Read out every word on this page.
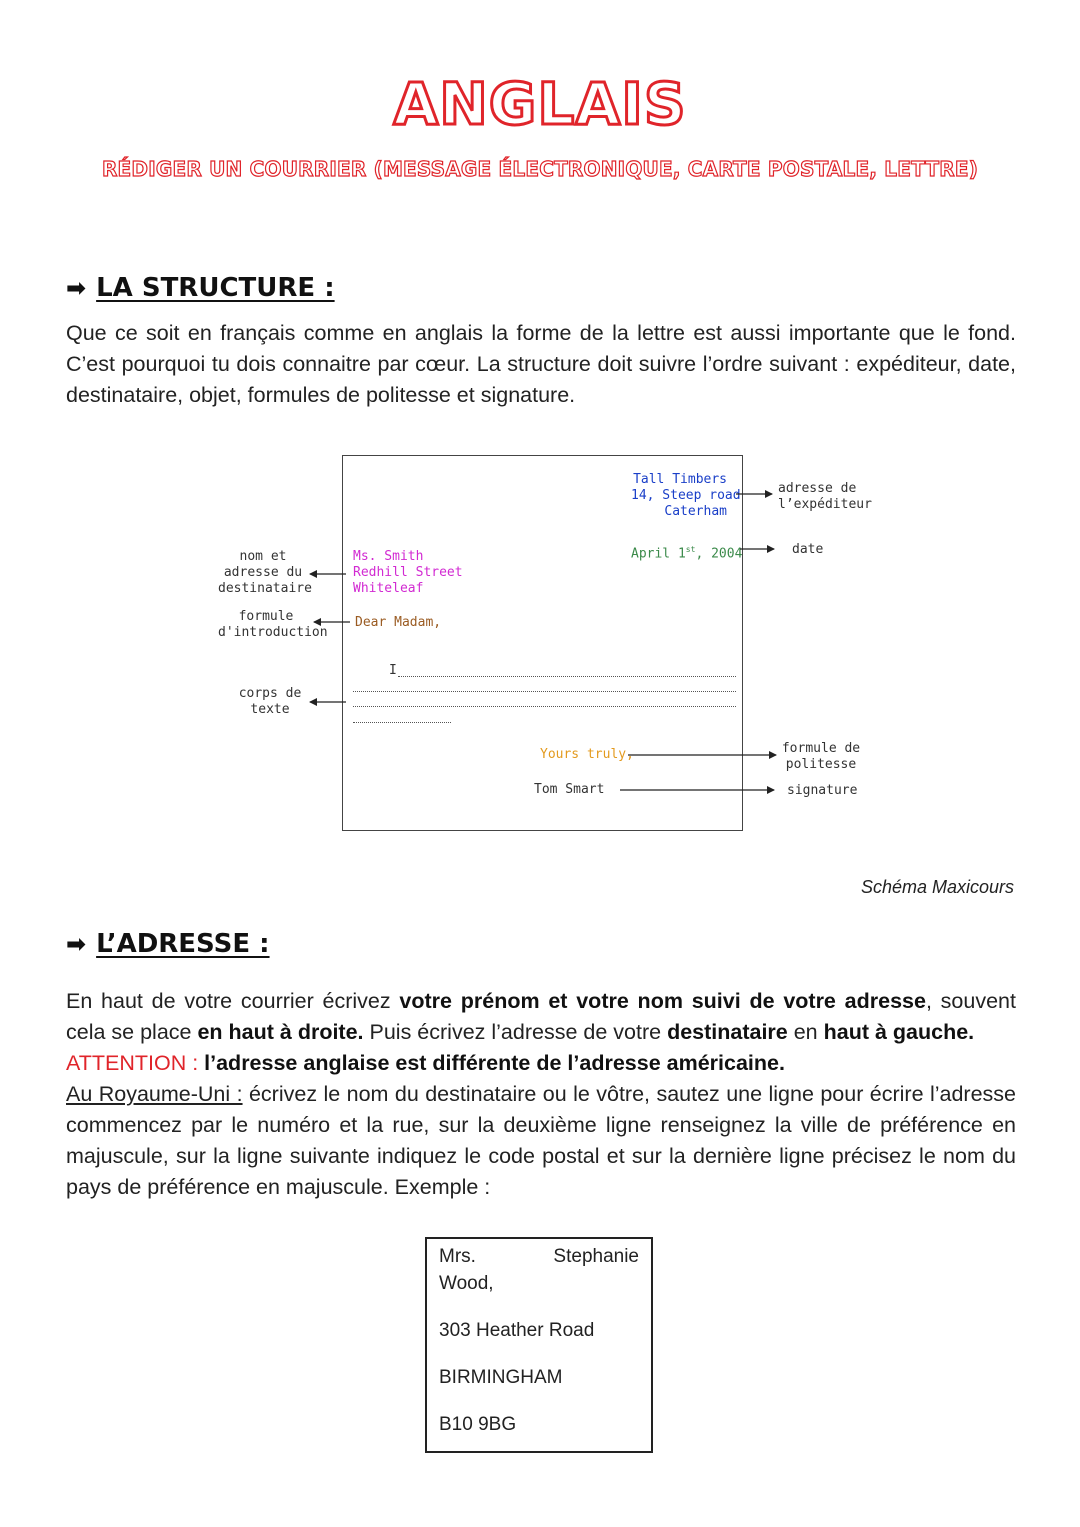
ANGLAIS
RÉDIGER UN COURRIER (MESSAGE ÉLECTRONIQUE, CARTE POSTALE, LETTRE)
➡ LA STRUCTURE :
Que ce soit en français comme en anglais la forme de la lettre est aussi importante que le fond. C’est pourquoi tu dois connaitre par cœur. La structure doit suivre l’ordre suivant : expéditeur, date, destinataire, objet, formules de politesse et signature.
Tall Timbers
14, Steep road
Caterham
April 1st, 2004
Ms. Smith
Redhill Street
Whiteleaf
Dear Madam,
I
Yours truly,
Tom Smart
adresse de
l’expéditeur
date
formule de
politesse
signature
nom et
adresse du
destinataire
formule
d'introduction
corps de
texte
Schéma Maxicours
➡ L’ADRESSE :
En haut de votre courrier écrivez votre prénom et votre nom suivi de votre adresse, souvent cela se place en haut à droite. Puis écrivez l’adresse de votre destinataire en haut à gauche.
ATTENTION : l’adresse anglaise est différente de l’adresse américaine.
Au Royaume-Uni : écrivez le nom du destinataire ou le vôtre, sautez une ligne pour écrire l’adresse commencez par le numéro et la rue, sur la deuxième ligne renseignez la ville de préférence en majuscule, sur la ligne suivante indiquez le code postal et sur la dernière ligne précisez le nom du pays de préférence en majuscule. Exemple :
Mrs.	Stephanie
Wood,
303 Heather Road
BIRMINGHAM
B10 9BG
